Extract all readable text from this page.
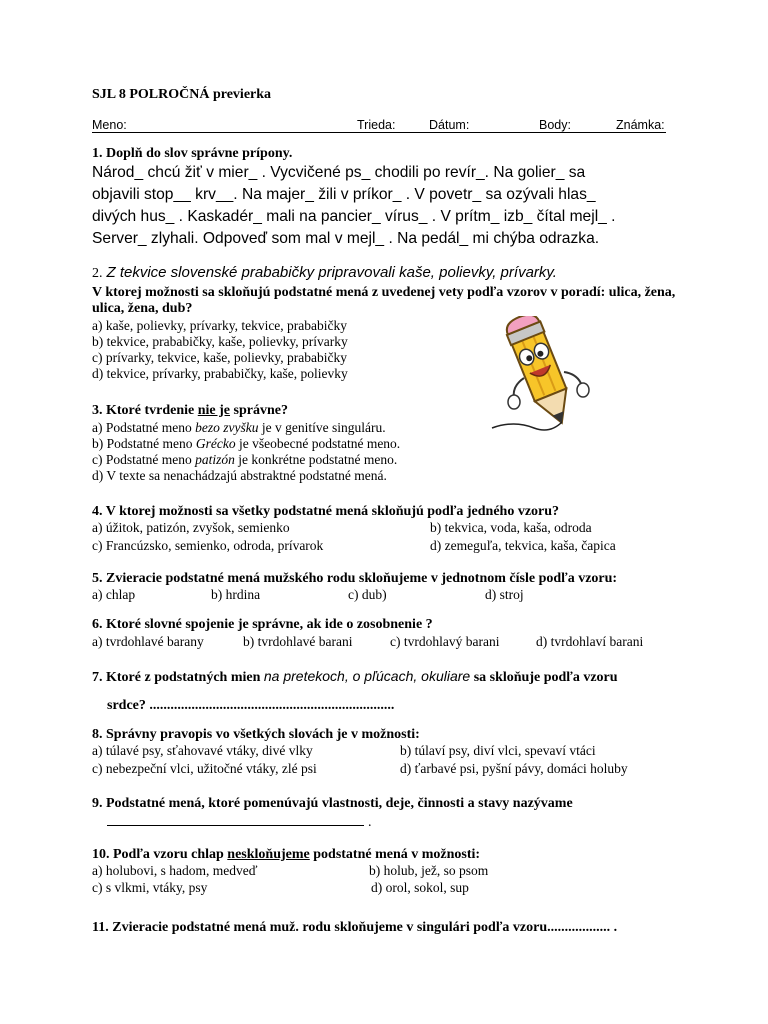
SJL 8 POLROČNÁ previerka
Meno:	Trieda:	Dátum:	Body:	Známka:
1. Doplň do slov správne prípony.
Národ_ chcú žiť v mier_ . Vycvičené ps_ chodili po revír_. Na golier_ sa
objavili stop__ krv__. Na majer_ žili v príkor_ . V povetr_ sa ozývali hlas_
divých hus_ . Kaskadér_ mali na pancier_ vírus_ . V prítm_ izb_ čítal mejl_ .
Server_ zlyhali. Odpoveď som mal v mejl_ . Na pedál_ mi chýba odrazka.
2. Z tekvice slovenské prababičky pripravovali kaše, polievky, prívarky.
V ktorej možnosti sa skloňujú podstatné mená z uvedenej vety podľa vzorov v poradí: ulica, žena, ulica, žena, dub?
a) kaše, polievky, prívarky, tekvice, prababičky
b) tekvice, prababičky, kaše, polievky, prívarky
c) prívarky, tekvice, kaše, polievky, prababičky
d) tekvice, prívarky, prababičky, kaše, polievky
3. Ktoré tvrdenie nie je správne?
a) Podstatné meno bezo zvyšku je v genitíve singuláru.
b) Podstatné meno Grécko je všeobecné podstatné meno.
c) Podstatné meno patizón je konkrétne podstatné meno.
d) V texte sa nenachádzajú abstraktné podstatné mená.
4. V ktorej možnosti sa všetky podstatné mená skloňujú podľa jedného vzoru?
a) úžitok, patizón, zvyšok, semienko	b) tekvica, voda, kaša, odroda
c) Francúzsko, semienko, odroda, prívarok	d) zemeguľa, tekvica, kaša, čapica
5. Zvieracie podstatné mená mužského rodu skloňujeme v jednotnom čísle podľa vzoru:
a) chlap	b) hrdina	c) dub)	d) stroj
6. Ktoré slovné spojenie je správne, ak ide o zosobnenie ?
a) tvrdohlavé barany	b) tvrdohlavé barani	c) tvrdohlavý barani	d) tvrdohlaví barani
7. Ktoré z podstatných mien na pretekoch, o pľúcach, okuliare sa skloňuje podľa vzoru
srdce? ......................................................................
8. Správny pravopis vo všetkých slovách je v možnosti:
a) túlavé psy, sťahovavé vtáky, divé vlky	b) túlaví psy, diví vlci, spevaví vtáci
c) nebezpeční vlci, užitočné vtáky, zlé psi	d) ťarbavé psi, pyšní pávy, domáci holuby
9. Podstatné mená, ktoré pomenúvajú vlastnosti, deje, činnosti a stavy nazývame
.
10. Podľa vzoru chlap neskloňujeme podstatné mená v možnosti:
a) holubovi, s hadom, medveď	b) holub, jež, so psom
c) s vlkmi, vtáky, psy	d) orol, sokol, sup
11. Zvieracie podstatné mená muž. rodu skloňujeme v singulári podľa vzoru.................. .
